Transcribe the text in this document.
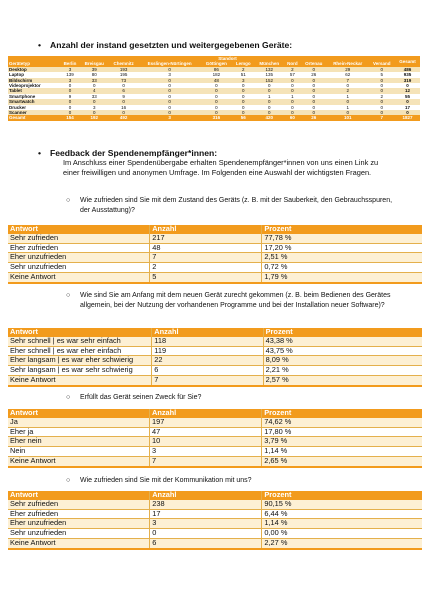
• Anzahl der instand gesetzten und weitergegebenen Geräte:
	Standort											Gesamt
Gerätetyp	Berlin	Breisgau	Chemnitz	Esslingen-Nürtingen	Göttingen	Lemgo	München	Nord	Ortenau	Rhein-Neckar	Versand	
Desktop	3	39	193	0	86	2	132	2	0	29	0	486
Laptop	139	80	195	3	182	51	135	57	26	62	5	935
Bildschirm	3	33	73	0	48	3	152	0	0	7	0	319
Videoprojektor	0	0	0	0	0	0	0	0	0	0	0	0
Tablet	0	4	6	0	0	0	0	0	0	2	0	12
Smartphone	9	33	9	0	0	0	1	1	0	1	2	55
Smartwatch	0	0	0	0	0	0	0	0	0	0	0	0
Drucker	0	3	16	0	0	0	0	0	0	1	0	17
Scanner	0	0	0	0	0	0	0	0	0	0	0	0
Gesamt	154	192	492	3	316	56	420	60	26	101	7	1827
• Feedback der Spendenempfänger*innen:
Im Anschluss einer Spendenübergabe erhalten Spendenempfänger*innen von uns einen Link zu einer freiwilligen und anonymen Umfrage. Im Folgenden eine Auswahl der wichtigsten Fragen.
○ Wie zufrieden sind Sie mit dem Zustand des Geräts (z. B. mit der Sauberkeit, den Gebrauchsspuren, der Ausstattung)?
Antwort	Anzahl	Prozent
Sehr zufrieden	217	77,78 %
Eher zufrieden	48	17,20 %
Eher unzufrieden	7	2,51 %
Sehr unzufrieden	2	0,72 %
Keine Antwort	5	1,79 %
○ Wie sind Sie am Anfang mit dem neuen Gerät zurecht gekommen (z. B. beim Bedienen des Gerätes allgemein, bei der Nutzung der vorhandenen Programme und bei der Installation neuer Software)?
Antwort	Anzahl	Prozent
Sehr schnell | es war sehr einfach	118	43,38 %
Eher schnell | es war eher einfach	119	43,75 %
Eher langsam | es war eher schwierig	22	8,09 %
Sehr langsam | es war sehr schwierig	6	2,21 %
Keine Antwort	7	2,57 %
○ Erfüllt das Gerät seinen Zweck für Sie?
Antwort	Anzahl	Prozent
Ja	197	74,62 %
Eher ja	47	17,80 %
Eher nein	10	3,79 %
Nein	3	1,14 %
Keine Antwort	7	2,65 %
○ Wie zufrieden sind Sie mit der Kommunikation mit uns?
Antwort	Anzahl	Prozent
Sehr zufrieden	238	90,15 %
Eher zufrieden	17	6,44 %
Eher unzufrieden	3	1,14 %
Sehr unzufrieden	0	0,00 %
Keine Antwort	6	2,27 %
